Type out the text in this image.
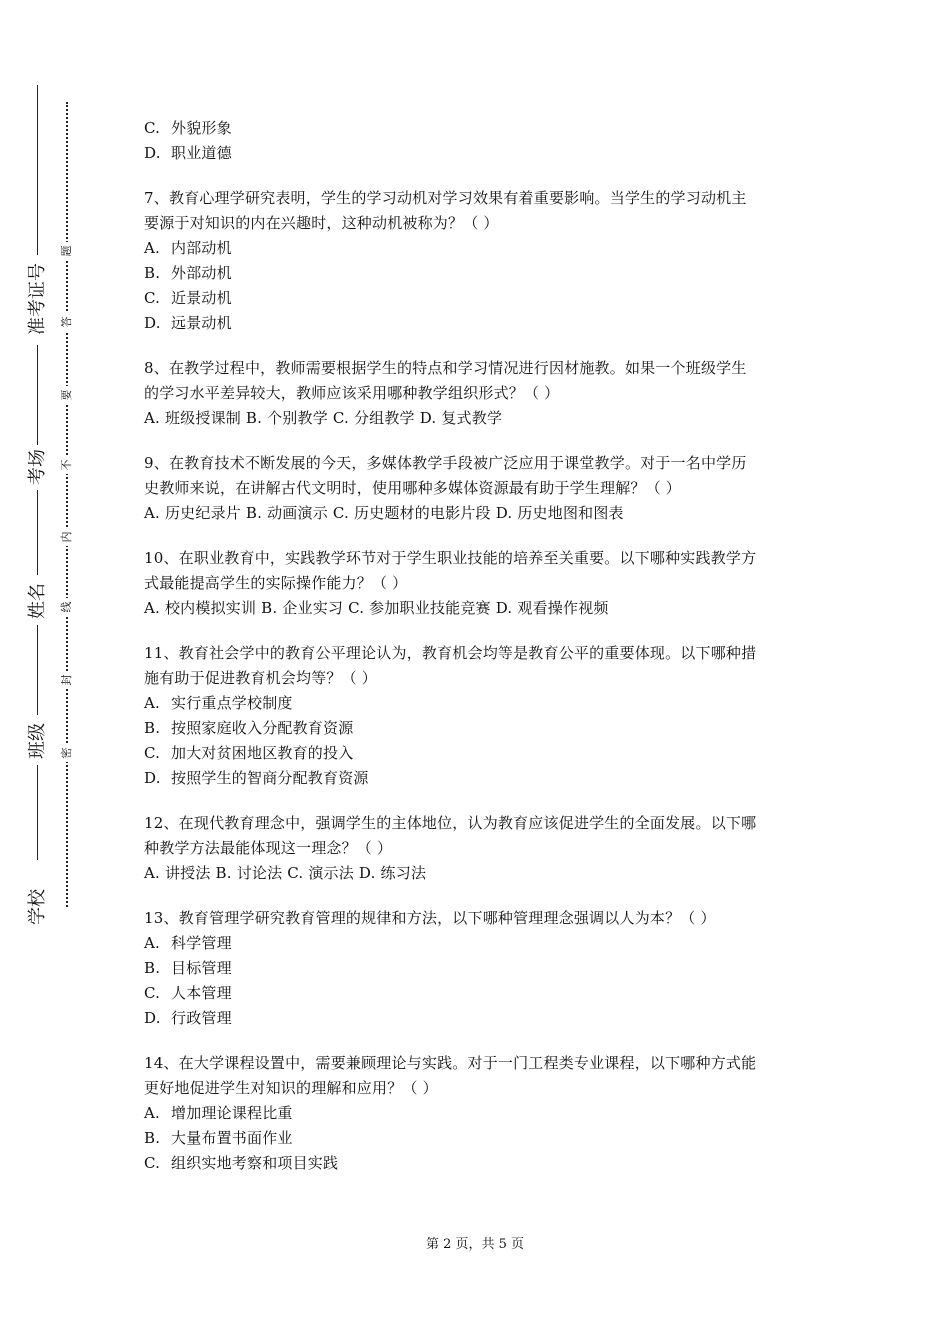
准考证号
考场
姓名
班级
学校
密
封
线
内
不
要
答
题
C. 外貌形象
D. 职业道德
7、教育心理学研究表明，学生的学习动机对学习效果有着重要影响。当学生的学习动机主
要源于对知识的内在兴趣时，这种动机被称为？（ ）
A. 内部动机
B. 外部动机
C. 近景动机
D. 远景动机
8、在教学过程中，教师需要根据学生的特点和学习情况进行因材施教。如果一个班级学生
的学习水平差异较大，教师应该采用哪种教学组织形式？（ ）
A. 班级授课制 B. 个别教学 C. 分组教学 D. 复式教学
9、在教育技术不断发展的今天，多媒体教学手段被广泛应用于课堂教学。对于一名中学历
史教师来说，在讲解古代文明时，使用哪种多媒体资源最有助于学生理解？（ ）
A. 历史纪录片 B. 动画演示 C. 历史题材的电影片段 D. 历史地图和图表
10、在职业教育中，实践教学环节对于学生职业技能的培养至关重要。以下哪种实践教学方
式最能提高学生的实际操作能力？（ ）
A. 校内模拟实训 B. 企业实习 C. 参加职业技能竞赛 D. 观看操作视频
11、教育社会学中的教育公平理论认为，教育机会均等是教育公平的重要体现。以下哪种措
施有助于促进教育机会均等？（ ）
A. 实行重点学校制度
B. 按照家庭收入分配教育资源
C. 加大对贫困地区教育的投入
D. 按照学生的智商分配教育资源
12、在现代教育理念中，强调学生的主体地位，认为教育应该促进学生的全面发展。以下哪
种教学方法最能体现这一理念？（ ）
A. 讲授法 B. 讨论法 C. 演示法 D. 练习法
13、教育管理学研究教育管理的规律和方法，以下哪种管理理念强调以人为本？（ ）
A. 科学管理
B. 目标管理
C. 人本管理
D. 行政管理
14、在大学课程设置中，需要兼顾理论与实践。对于一门工程类专业课程，以下哪种方式能
更好地促进学生对知识的理解和应用？（ ）
A. 增加理论课程比重
B. 大量布置书面作业
C. 组织实地考察和项目实践
第 2 页，共 5 页
